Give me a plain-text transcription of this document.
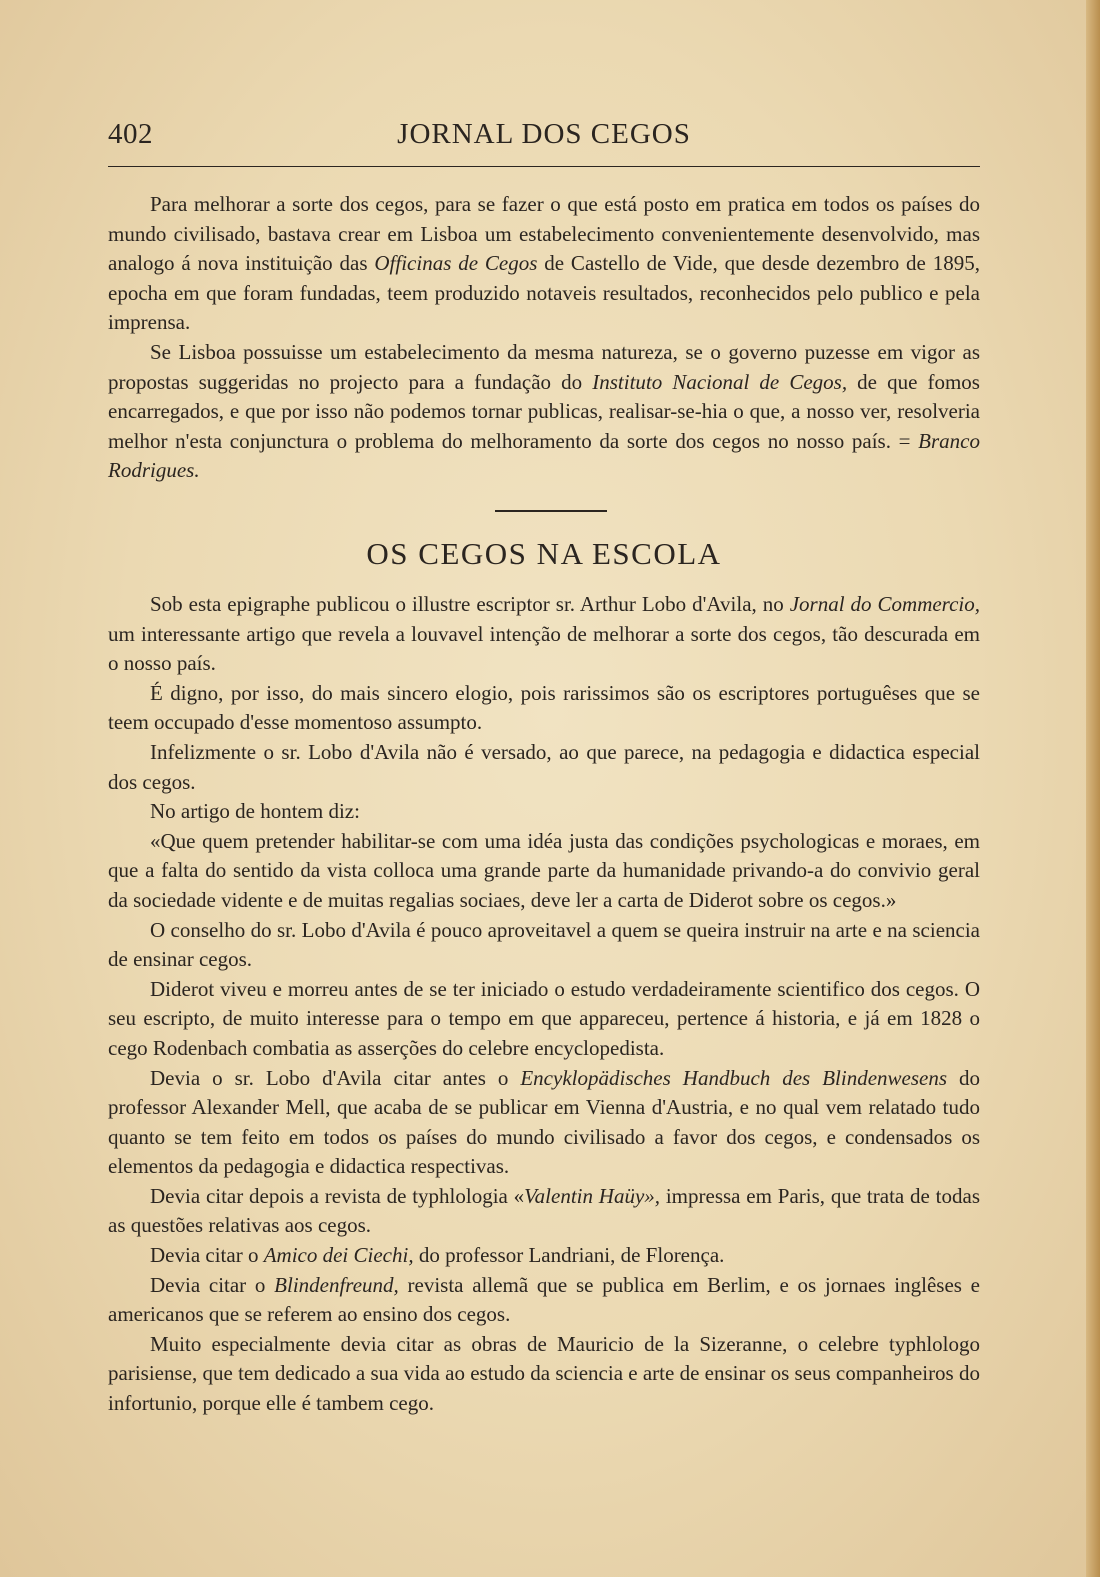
402	JORNAL DOS CEGOS

Para melhorar a sorte dos cegos, para se fazer o que está posto em pratica em todos os países do mundo civilisado, bastava crear em Lisboa um estabelecimento convenientemente desenvolvido, mas analogo á nova instituição das Officinas de Cegos de Castello de Vide, que desde dezembro de 1895, epocha em que foram fundadas, teem produzido notaveis resultados, reconhecidos pelo publico e pela imprensa.

Se Lisboa possuisse um estabelecimento da mesma natureza, se o governo puzesse em vigor as propostas suggeridas no projecto para a fundação do Instituto Nacional de Cegos, de que fomos encarregados, e que por isso não podemos tornar publicas, realisar-se-hia o que, a nosso ver, resolveria melhor n'esta conjunctura o problema do melhoramento da sorte dos cegos no nosso país. = Branco Rodrigues.

OS CEGOS NA ESCOLA

Sob esta epigraphe publicou o illustre escriptor sr. Arthur Lobo d'Avila, no Jornal do Commercio, um interessante artigo que revela a louvavel intenção de melhorar a sorte dos cegos, tão descurada em o nosso país.

É digno, por isso, do mais sincero elogio, pois rarissimos são os escriptores portuguêses que se teem occupado d'esse momentoso assumpto.

Infelizmente o sr. Lobo d'Avila não é versado, ao que parece, na pedagogia e didactica especial dos cegos.

No artigo de hontem diz:

«Que quem pretender habilitar-se com uma idéa justa das condições psychologicas e moraes, em que a falta do sentido da vista colloca uma grande parte da humanidade privando-a do convivio geral da sociedade vidente e de muitas regalias sociaes, deve ler a carta de Diderot sobre os cegos.»

O conselho do sr. Lobo d'Avila é pouco aproveitavel a quem se queira instruir na arte e na sciencia de ensinar cegos.

Diderot viveu e morreu antes de se ter iniciado o estudo verdadeiramente scientifico dos cegos. O seu escripto, de muito interesse para o tempo em que appareceu, pertence á historia, e já em 1828 o cego Rodenbach combatia as asserções do celebre encyclopedista.

Devia o sr. Lobo d'Avila citar antes o Encyklopädisches Handbuch des Blindenwesens do professor Alexander Mell, que acaba de se publicar em Vienna d'Austria, e no qual vem relatado tudo quanto se tem feito em todos os países do mundo civilisado a favor dos cegos, e condensados os elementos da pedagogia e didactica respectivas.

Devia citar depois a revista de typhlologia «Valentin Haüy», impressa em Paris, que trata de todas as questões relativas aos cegos.

Devia citar o Amico dei Ciechi, do professor Landriani, de Florença.

Devia citar o Blindenfreund, revista allemã que se publica em Berlim, e os jornaes inglêses e americanos que se referem ao ensino dos cegos.

Muito especialmente devia citar as obras de Mauricio de la Sizeranne, o celebre typhlologo parisiense, que tem dedicado a sua vida ao estudo da sciencia e arte de ensinar os seus companheiros do infortunio, porque elle é tambem cego.
